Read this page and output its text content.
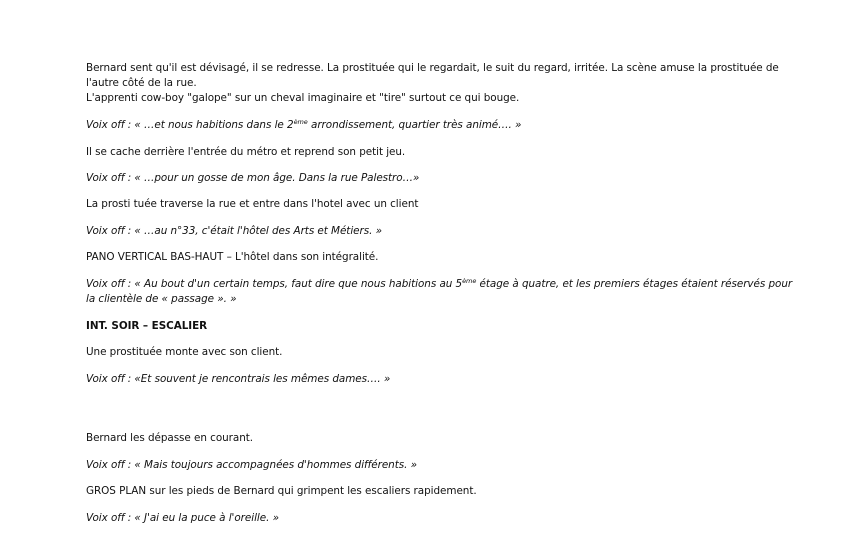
Bernard sent qu'il est dévisagé, il se redresse. La prostituée qui le regardait, le suit du regard, irritée. La scène amuse la prostituée de
l'autre côté de la rue.
L'apprenti cow-boy "galope" sur un cheval imaginaire et "tire" surtout ce qui bouge.
Voix off : « …et nous habitions dans le 2ème arrondissement, quartier très animé…. »
Il se cache derrière l'entrée du métro et reprend son petit jeu.
Voix off : « …pour un gosse de mon âge. Dans la rue Palestro…»
La prosti tuée traverse la rue et entre dans l'hotel avec un client
Voix off : « …au n°33, c'était l'hôtel des Arts et Métiers. »
PANO VERTICAL BAS-HAUT – L'hôtel dans son intégralité.
Voix off : « Au bout d'un certain temps, faut dire que nous habitions au 5ème étage à quatre, et les premiers étages étaient réservés pour
la clientèle de « passage ». »
INT. SOIR – ESCALIER
Une prostituée monte avec son client.
Voix off : «Et souvent je rencontrais les mêmes dames…. »
Bernard les dépasse en courant.
Voix off : « Mais toujours accompagnées d'hommes différents. »
GROS PLAN sur les pieds de Bernard qui grimpent les escaliers rapidement.
Voix off : « J'ai eu la puce à l'oreille. »
